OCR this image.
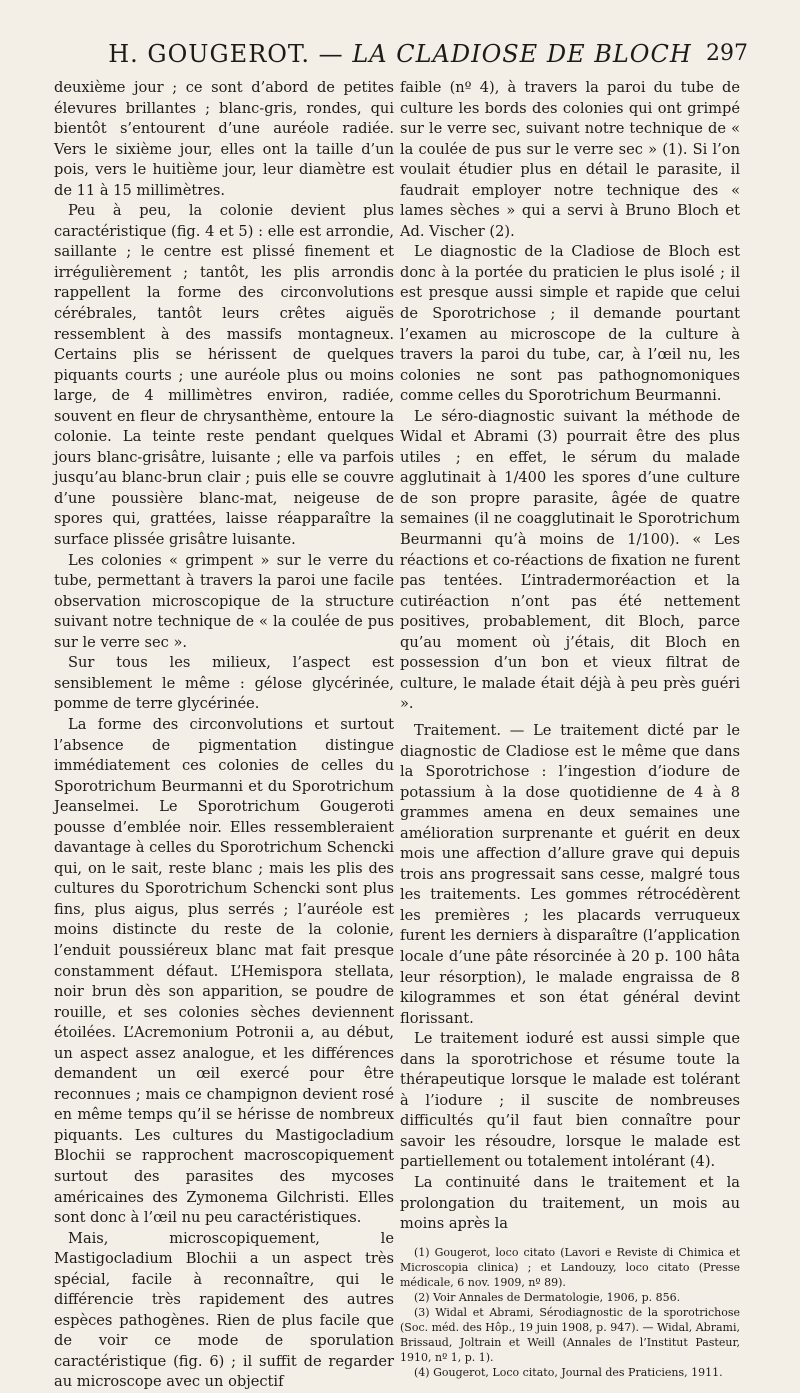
H. GOUGEROT. — LA CLADIOSE DE BLOCH 297

deuxième jour ; ce sont d’abord de petites élevures brillantes ; blanc-gris, rondes, qui bientôt s’entourent d’une auréole radiée. Vers le sixième jour, elles ont la taille d’un pois, vers le huitième jour, leur diamètre est de 11 à 15 millimètres.

Peu à peu, la colonie devient plus caractéristique (fig. 4 et 5) : elle est arrondie, saillante ; le centre est plissé finement et irrégulièrement ; tantôt, les plis arrondis rappellent la forme des circonvolutions cérébrales, tantôt leurs crêtes aiguës ressemblent à des massifs montagneux. Certains plis se hérissent de quelques piquants courts ; une auréole plus ou moins large, de 4 millimètres environ, radiée, souvent en fleur de chrysanthème, entoure la colonie. La teinte reste pendant quelques jours blanc-grisâtre, luisante ; elle va parfois jusqu’au blanc-brun clair ; puis elle se couvre d’une poussière blanc-mat, neigeuse de spores qui, grattées, laisse réapparaître la surface plissée grisâtre luisante.

Les colonies « grimpent » sur le verre du tube, permettant à travers la paroi une facile observation microscopique de la structure suivant notre technique de « la coulée de pus sur le verre sec ».

Sur tous les milieux, l’aspect est sensiblement le même : gélose glycérinée, pomme de terre glycérinée.

La forme des circonvolutions et surtout l’absence de pigmentation distingue immédiatement ces colonies de celles du Sporotrichum Beurmanni et du Sporotrichum Jeanselmei. Le Sporotrichum Gougeroti pousse d’emblée noir. Elles ressembleraient davantage à celles du Sporotrichum Schencki qui, on le sait, reste blanc ; mais les plis des cultures du Sporotrichum Schencki sont plus fins, plus aigus, plus serrés ; l’auréole est moins distincte du reste de la colonie, l’enduit poussiéreux blanc mat fait presque constamment défaut. L’Hemispora stellata, noir brun dès son apparition, se poudre de rouille, et ses colonies sèches deviennent étoilées. L’Acremonium Potronii a, au début, un aspect assez analogue, et les différences demandent un œil exercé pour être reconnues ; mais ce champignon devient rosé en même temps qu’il se hérisse de nombreux piquants. Les cultures du Mastigocladium Blochii se rapprochent macroscopiquement surtout des parasites des mycoses américaines des Zymonema Gilchristi. Elles sont donc à l’œil nu peu caractéristiques.

Mais, microscopiquement, le Mastigocladium Blochii a un aspect très spécial, facile à reconnaître, qui le différencie très rapidement des autres espèces pathogènes. Rien de plus facile que de voir ce mode de sporulation caractéristique (fig. 6) ; il suffit de regarder au microscope avec un objectif

faible (nº 4), à travers la paroi du tube de culture les bords des colonies qui ont grimpé sur le verre sec, suivant notre technique de « la coulée de pus sur le verre sec » (1). Si l’on voulait étudier plus en détail le parasite, il faudrait employer notre technique des « lames sèches » qui a servi à Bruno Bloch et Ad. Vischer (2).

Le diagnostic de la Cladiose de Bloch est donc à la portée du praticien le plus isolé ; il est presque aussi simple et rapide que celui de Sporotrichose ; il demande pourtant l’examen au microscope de la culture à travers la paroi du tube, car, à l’œil nu, les colonies ne sont pas pathognomoniques comme celles du Sporotrichum Beurmanni.

Le séro-diagnostic suivant la méthode de Widal et Abrami (3) pourrait être des plus utiles ; en effet, le sérum du malade agglutinait à 1/400 les spores d’une culture de son propre parasite, âgée de quatre semaines (il ne coagglutinait le Sporotrichum Beurmanni qu’à moins de 1/100). « Les réactions et co-réactions de fixation ne furent pas tentées. L’intradermoréaction et la cutiréaction n’ont pas été nettement positives, probablement, dit Bloch, parce qu’au moment où j’étais, dit Bloch en possession d’un bon et vieux filtrat de culture, le malade était déjà à peu près guéri ».

Traitement. — Le traitement dicté par le diagnostic de Cladiose est le même que dans la Sporotrichose : l’ingestion d’iodure de potassium à la dose quotidienne de 4 à 8 grammes amena en deux semaines une amélioration surprenante et guérit en deux mois une affection d’allure grave qui depuis trois ans progressait sans cesse, malgré tous les traitements. Les gommes rétrocédèrent les premières ; les placards verruqueux furent les derniers à disparaître (l’application locale d’une pâte résorcinée à 20 p. 100 hâta leur résorption), le malade engraissa de 8 kilogrammes et son état général devint florissant.

Le traitement ioduré est aussi simple que dans la sporotrichose et résume toute la thérapeutique lorsque le malade est tolérant à l’iodure ; il suscite de nombreuses difficultés qu’il faut bien connaître pour savoir les résoudre, lorsque le malade est partiellement ou totalement intolérant (4).

La continuité dans le traitement et la prolongation du traitement, un mois au moins après la

(1) Gougerot, loco citato (Lavori e Reviste di Chimica et Microscopia clinica) ; et Landouzy, loco citato (Presse médicale, 6 nov. 1909, nº 89).

(2) Voir Annales de Dermatologie, 1906, p. 856.

(3) Widal et Abrami, Sérodiagnostic de la sporotrichose (Soc. méd. des Hôp., 19 juin 1908, p. 947). — Widal, Abrami, Brissaud, Joltrain et Weill (Annales de l’Institut Pasteur, 1910, nº 1, p. 1).

(4) Gougerot, Loco citato, Journal des Praticiens, 1911.
